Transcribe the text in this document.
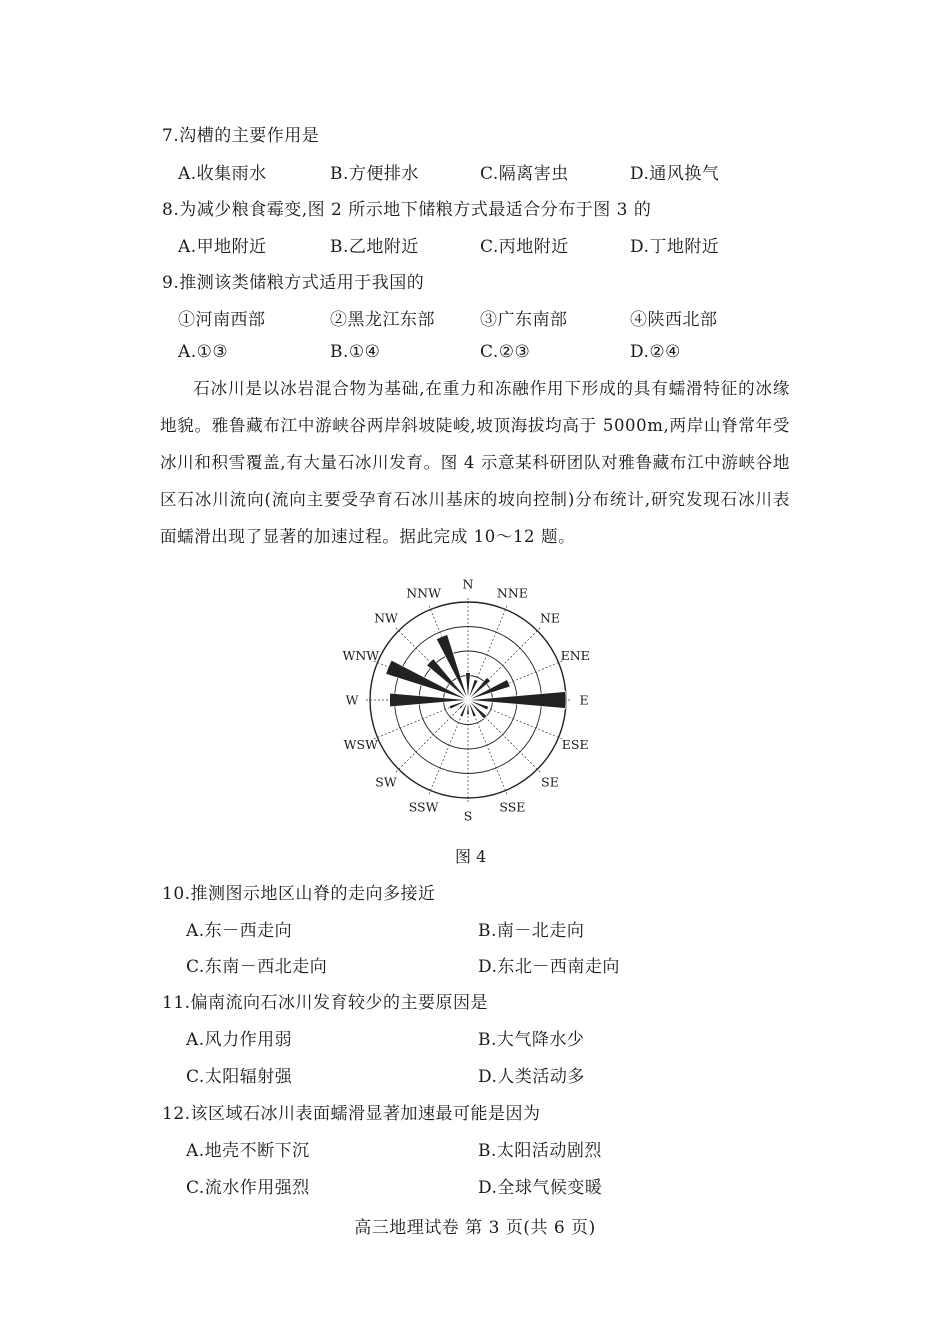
7.沟槽的主要作用是
A.收集雨水	B.方便排水	C.隔离害虫	D.通风换气
8.为减少粮食霉变,图 2 所示地下储粮方式最适合分布于图 3 的
A.甲地附近	B.乙地附近	C.丙地附近	D.丁地附近
9.推测该类储粮方式适用于我国的
①河南西部	②黑龙江东部	③广东南部	④陕西北部
A.①③	B.①④	C.②③	D.②④
石冰川是以冰岩混合物为基础,在重力和冻融作用下形成的具有蠕滑特征的冰缘地貌。雅鲁藏布江中游峡谷两岸斜坡陡峻,坡顶海拔均高于 5000m,两岸山脊常年受冰川和积雪覆盖,有大量石冰川发育。图 4 示意某科研团队对雅鲁藏布江中游峡谷地区石冰川流向(流向主要受孕育石冰川基床的坡向控制)分布统计,研究发现石冰川表面蠕滑出现了显著的加速过程。据此完成 10～12 题。
N
NNE
NE
ENE
E
ESE
SE
SSE
S
SSW
SW
WSW
W
WNW
NW
NNW
图 4
10.推测图示地区山脊的走向多接近
A.东－西走向	B.南－北走向
C.东南－西北走向	D.东北－西南走向
11.偏南流向石冰川发育较少的主要原因是
A.风力作用弱	B.大气降水少
C.太阳辐射强	D.人类活动多
12.该区域石冰川表面蠕滑显著加速最可能是因为
A.地壳不断下沉	B.太阳活动剧烈
C.流水作用强烈	D.全球气候变暖
高三地理试卷 第 3 页(共 6 页)
